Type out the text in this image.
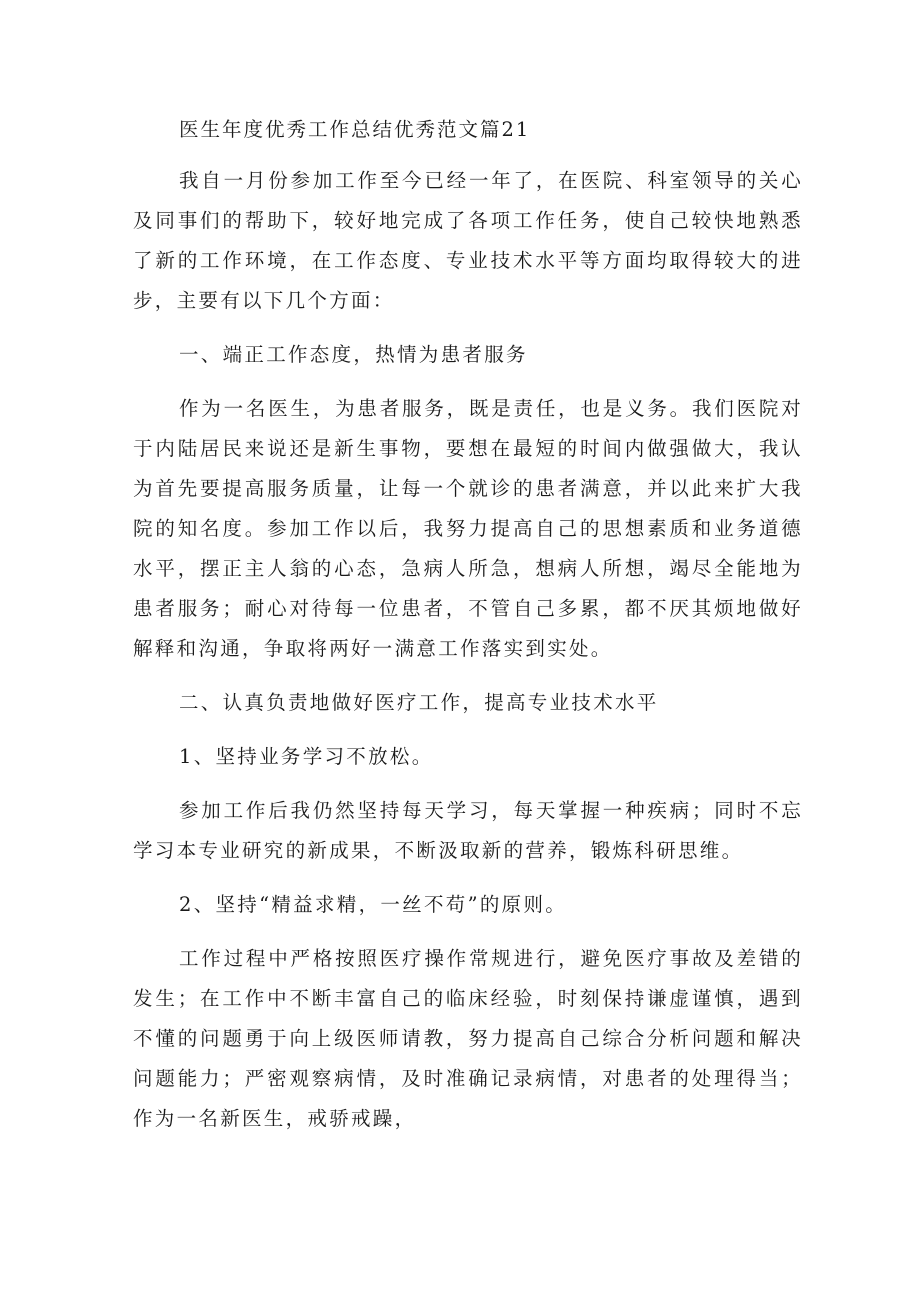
医生年度优秀工作总结优秀范文篇21

我自一月份参加工作至今已经一年了，在医院、科室领导的关心及同事们的帮助下，较好地完成了各项工作任务，使自己较快地熟悉了新的工作环境，在工作态度、专业技术水平等方面均取得较大的进步，主要有以下几个方面：

一、端正工作态度，热情为患者服务

作为一名医生，为患者服务，既是责任，也是义务。我们医院对于内陆居民来说还是新生事物，要想在最短的时间内做强做大，我认为首先要提高服务质量，让每一个就诊的患者满意，并以此来扩大我院的知名度。参加工作以后，我努力提高自己的思想素质和业务道德水平，摆正主人翁的心态，急病人所急，想病人所想，竭尽全能地为患者服务；耐心对待每一位患者，不管自己多累，都不厌其烦地做好解释和沟通，争取将两好一满意工作落实到实处。

二、认真负责地做好医疗工作，提高专业技术水平

1、坚持业务学习不放松。

参加工作后我仍然坚持每天学习，每天掌握一种疾病；同时不忘学习本专业研究的新成果，不断汲取新的营养，锻炼科研思维。

2、坚持“精益求精，一丝不苟”的原则。

工作过程中严格按照医疗操作常规进行，避免医疗事故及差错的发生；在工作中不断丰富自己的临床经验，时刻保持谦虚谨慎，遇到不懂的问题勇于向上级医师请教，努力提高自己综合分析问题和解决问题能力；严密观察病情，及时准确记录病情，对患者的处理得当；作为一名新医生，戒骄戒躁，
